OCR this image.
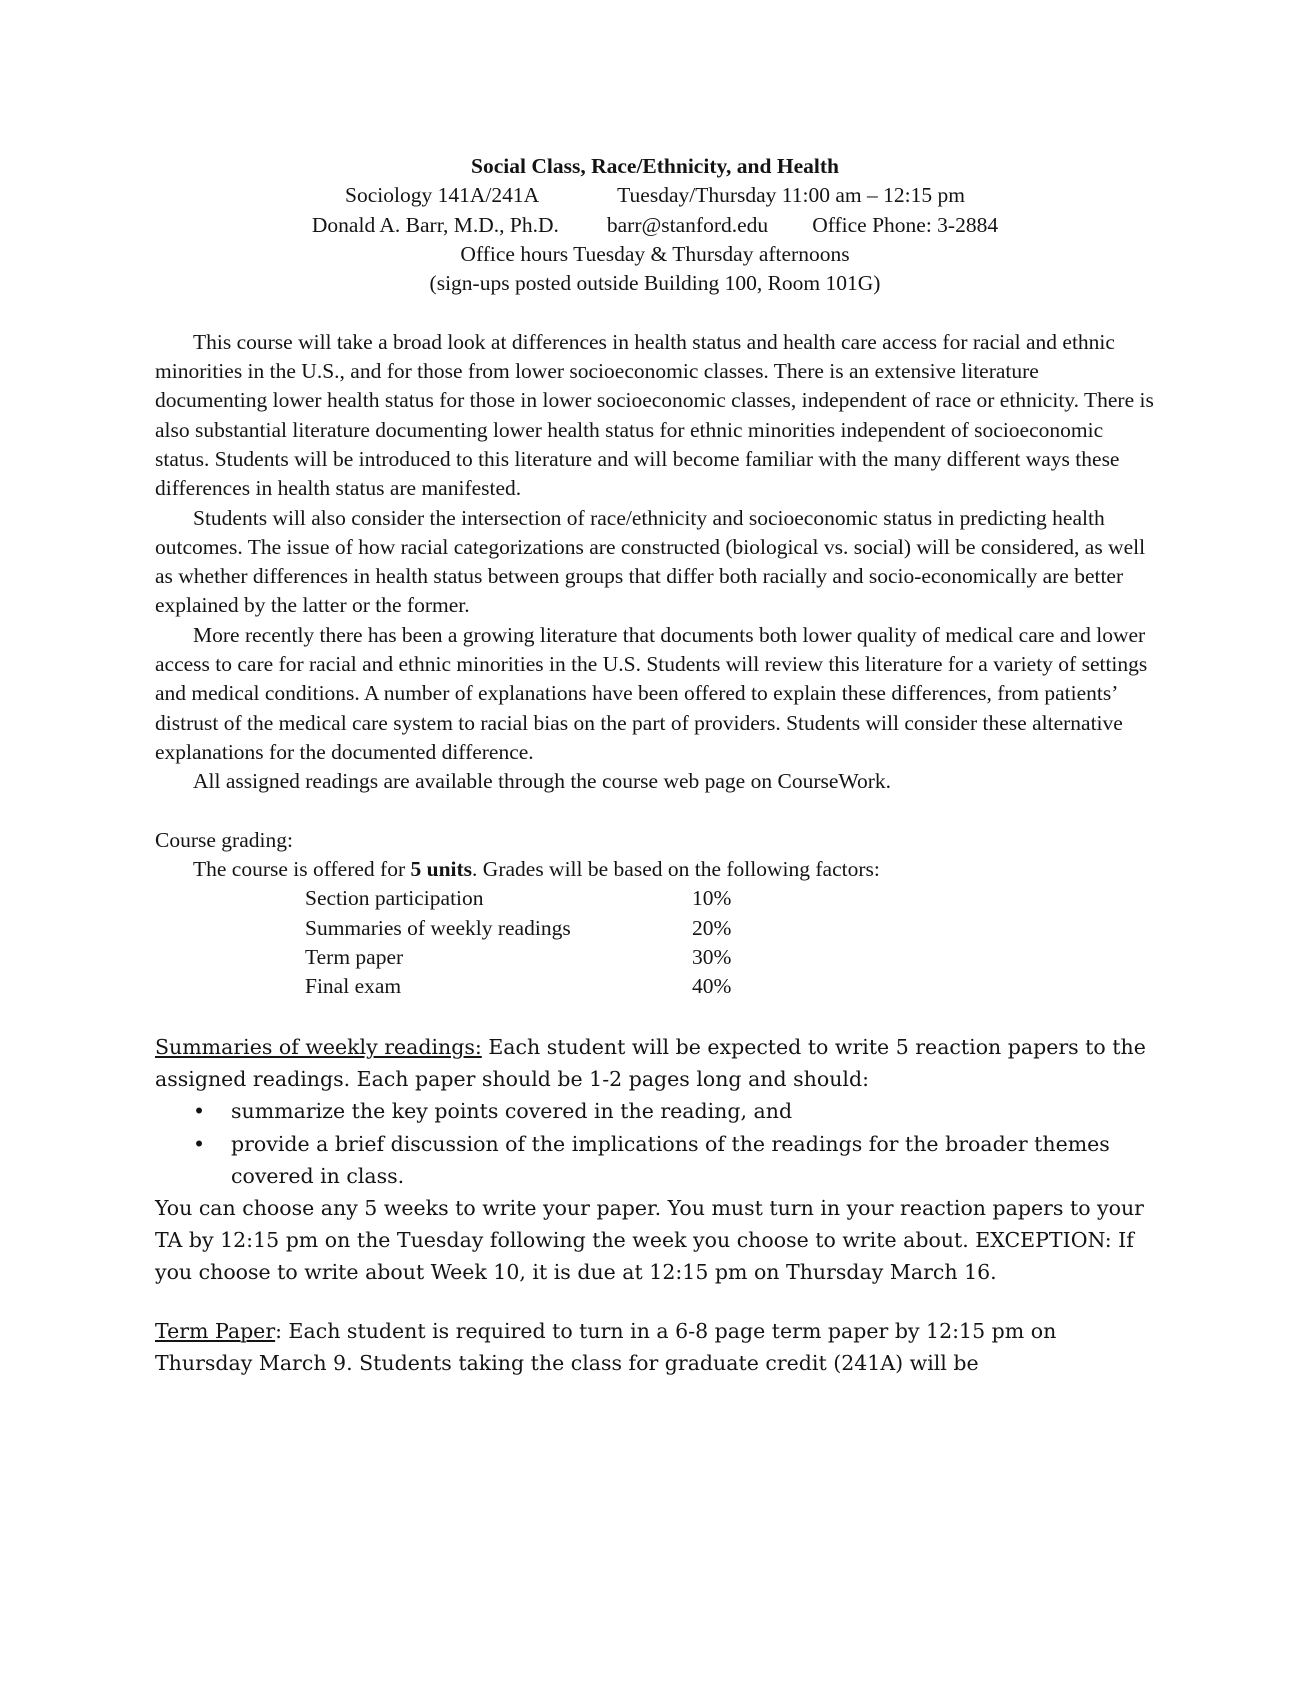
Social Class, Race/Ethnicity, and Health
Sociology 141A/241A	Tuesday/Thursday 11:00 am – 12:15 pm
Donald A. Barr, M.D., Ph.D. barr@stanford.edu Office Phone: 3-2884
Office hours Tuesday & Thursday afternoons
(sign-ups posted outside Building 100, Room 101G)

This course will take a broad look at differences in health status and health care access for racial and ethnic minorities in the U.S., and for those from lower socioeconomic classes. There is an extensive literature documenting lower health status for those in lower socioeconomic classes, independent of race or ethnicity. There is also substantial literature documenting lower health status for ethnic minorities independent of socioeconomic status. Students will be introduced to this literature and will become familiar with the many different ways these differences in health status are manifested.

Students will also consider the intersection of race/ethnicity and socioeconomic status in predicting health outcomes. The issue of how racial categorizations are constructed (biological vs. social) will be considered, as well as whether differences in health status between groups that differ both racially and socio-economically are better explained by the latter or the former.

More recently there has been a growing literature that documents both lower quality of medical care and lower access to care for racial and ethnic minorities in the U.S. Students will review this literature for a variety of settings and medical conditions. A number of explanations have been offered to explain these differences, from patients’ distrust of the medical care system to racial bias on the part of providers. Students will consider these alternative explanations for the documented difference.

All assigned readings are available through the course web page on CourseWork.

Course grading:

The course is offered for 5 units. Grades will be based on the following factors:

Section participation	10%
Summaries of weekly readings	20%
Term paper	30%
Final exam	40%

Summaries of weekly readings: Each student will be expected to write 5 reaction papers to the assigned readings. Each paper should be 1-2 pages long and should:

• summarize the key points covered in the reading, and
• provide a brief discussion of the implications of the readings for the broader themes covered in class.

You can choose any 5 weeks to write your paper. You must turn in your reaction papers to your TA by 12:15 pm on the Tuesday following the week you choose to write about. EXCEPTION: If you choose to write about Week 10, it is due at 12:15 pm on Thursday March 16.

Term Paper: Each student is required to turn in a 6-8 page term paper by 12:15 pm on
Thursday March 9. Students taking the class for graduate credit (241A) will be
